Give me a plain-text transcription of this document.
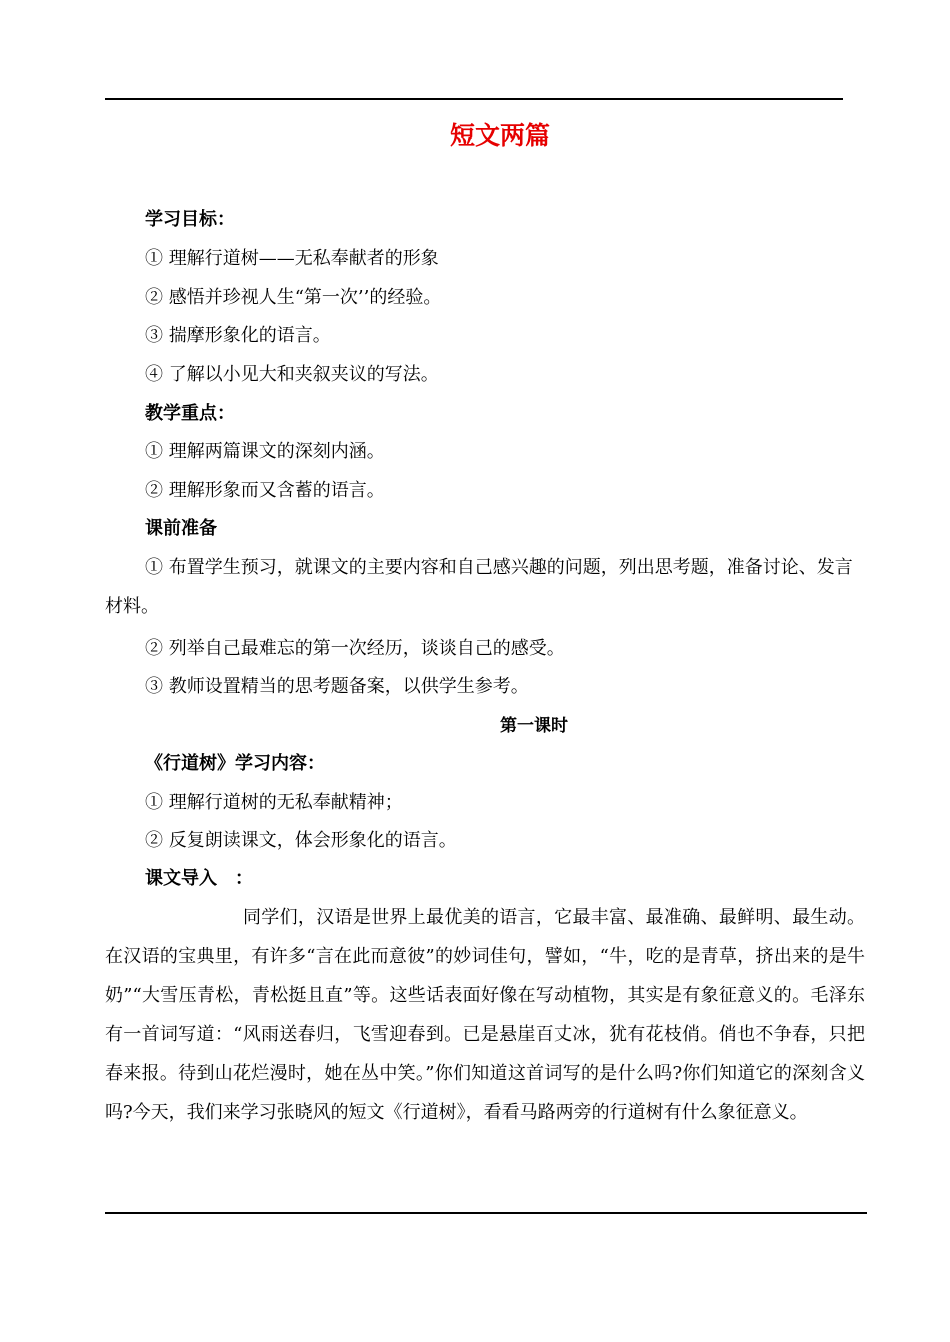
短文两篇
学习目标：
① 理解行道树——无私奉献者的形象
② 感悟并珍视人生“第一次’’的经验。
③ 揣摩形象化的语言。
④ 了解以小见大和夹叙夹议的写法。
教学重点：
① 理解两篇课文的深刻内涵。
② 理解形象而又含蓄的语言。
课前准备
① 布置学生预习，就课文的主要内容和自己感兴趣的问题，列出思考题，准备讨论、发言材料。
② 列举自己最难忘的第一次经历，谈谈自己的感受。
③ 教师设置精当的思考题备案，以供学生参考。
第一课时
《行道树》学习内容：
① 理解行道树的无私奉献精神；
② 反复朗读课文，体会形象化的语言。
课文导入　：
同学们，汉语是世界上最优美的语言，它最丰富、最准确、最鲜明、最生动。在汉语的宝典里，有许多“言在此而意彼”的妙词佳句，譬如，“牛，吃的是青草，挤出来的是牛奶”“大雪压青松，青松挺且直”等。这些话表面好像在写动植物，其实是有象征意义的。毛泽东有一首词写道：“风雨送春归，飞雪迎春到。已是悬崖百丈冰，犹有花枝俏。俏也不争春，只把春来报。待到山花烂漫时，她在丛中笑。”你们知道这首词写的是什么吗?你们知道它的深刻含义吗?今天，我们来学习张晓风的短文《行道树》，看看马路两旁的行道树有什么象征意义。
